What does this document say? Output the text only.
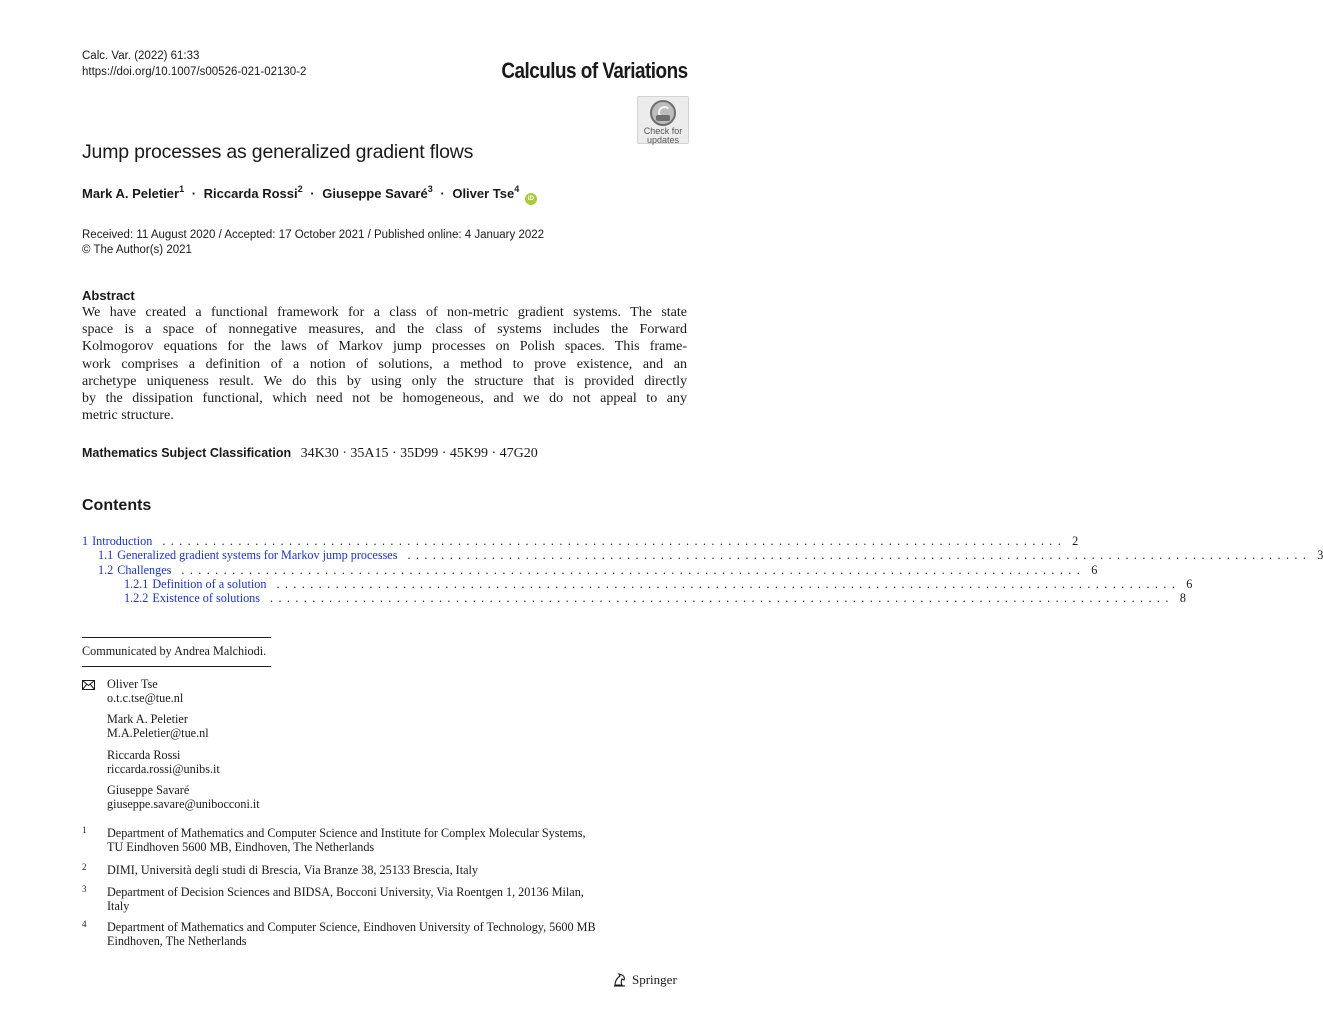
Calc. Var. (2022) 61:33
https://doi.org/10.1007/s00526-021-02130-2	Calculus of Variations
Check for
updates
Jump processes as generalized gradient flows
Mark A. Peletier$^1$ · Riccarda Rossi$^2$ · Giuseppe Savaré$^3$ · Oliver Tse$^4$ iD
Received: 11 August 2020 / Accepted: 17 October 2021 / Published online: 4 January 2022
© The Author(s) 2021
Abstract
We have created a functional framework for a class of non-metric gradient systems. The state
space is a space of nonnegative measures, and the class of systems includes the Forward
Kolmogorov equations for the laws of Markov jump processes on Polish spaces. This frame-
work comprises a definition of a notion of solutions, a method to prove existence, and an
archetype uniqueness result. We do this by using only the structure that is provided directly
by the dissipation functional, which need not be homogeneous, and we do not appeal to any
metric structure.
Mathematics Subject Classification 34K30 · 35A15 · 35D99 · 45K99 · 47G20
Contents
1 Introduction ........................................................................................................... 2
1.1 Generalized gradient systems for Markov jump processes ........................................................................................................... 3
1.2 Challenges ........................................................................................................... 6
1.2.1 Definition of a solution ........................................................................................................... 6
1.2.2 Existence of solutions ........................................................................................................... 8
Communicated by Andrea Malchiodi.
Oliver Tse
o.t.c.tse@tue.nl
Mark A. Peletier
M.A.Peletier@tue.nl
Riccarda Rossi
riccarda.rossi@unibs.it
Giuseppe Savaré
giuseppe.savare@unibocconi.it
1 Department of Mathematics and Computer Science and Institute for Complex Molecular Systems,
TU Eindhoven 5600 MB, Eindhoven, The Netherlands
2 DIMI, Università degli studi di Brescia, Via Branze 38, 25133 Brescia, Italy
3 Department of Decision Sciences and BIDSA, Bocconi University, Via Roentgen 1, 20136 Milan,
Italy
4 Department of Mathematics and Computer Science, Eindhoven University of Technology, 5600 MB
Eindhoven, The Netherlands
Springer
